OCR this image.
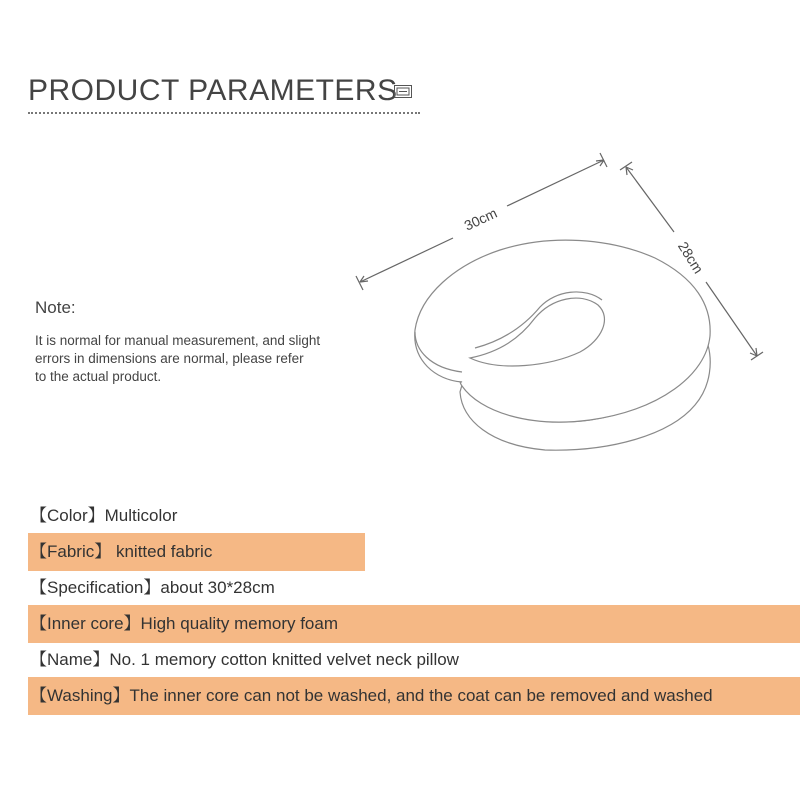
PRODUCT PARAMETERS
Note:
It is normal for manual measurement, and slight
errors in dimensions are normal, please refer
to the actual product.
30cm
28cm
【Color】Multicolor
【Fabric】 knitted fabric
【Specification】about 30*28cm
【Inner core】High quality memory foam
【Name】No. 1 memory cotton knitted velvet neck pillow
【Washing】The inner core can not be washed, and the coat can be removed and washed
